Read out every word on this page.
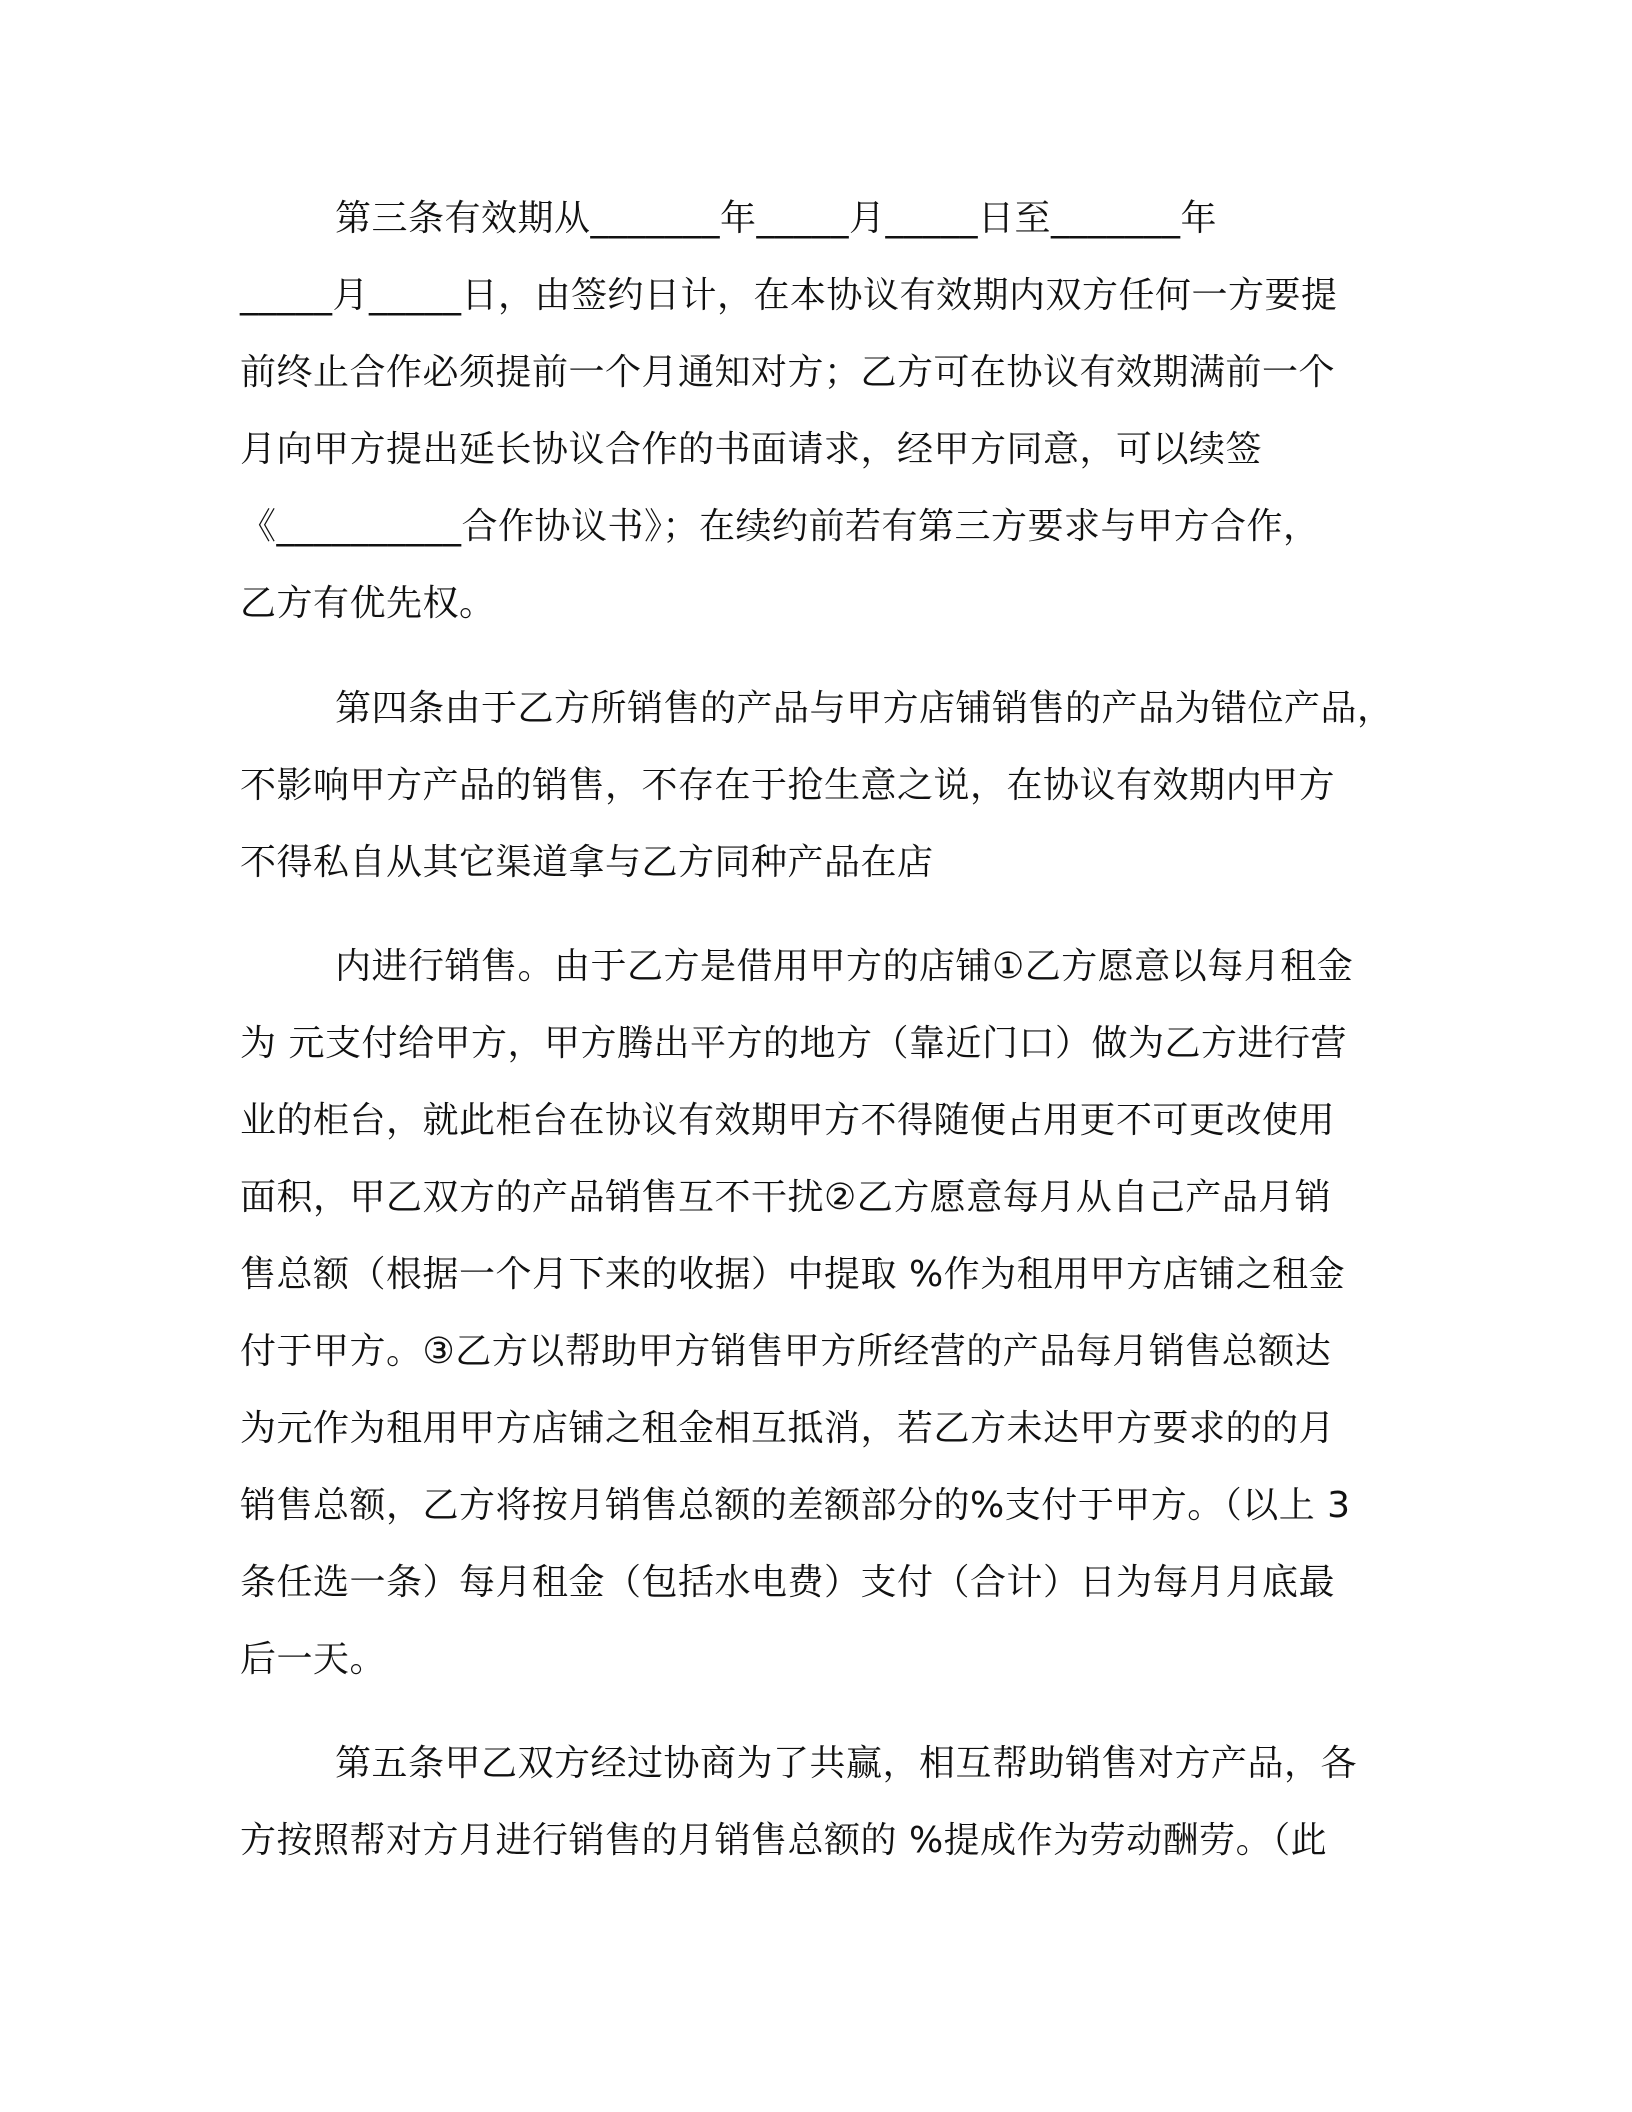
第三条有效期从_______年_____月_____日至_______年
_____月_____日，由签约日计，在本协议有效期内双方任何一方要提
前终止合作必须提前一个月通知对方；乙方可在协议有效期满前一个
月向甲方提出延长协议合作的书面请求，经甲方同意，可以续签
《__________合作协议书》；在续约前若有第三方要求与甲方合作，
乙方有优先权。
第四条由于乙方所销售的产品与甲方店铺销售的产品为错位产品，
不影响甲方产品的销售，不存在于抢生意之说，在协议有效期内甲方
不得私自从其它渠道拿与乙方同种产品在店
内进行销售。由于乙方是借用甲方的店铺①乙方愿意以每月租金
为 元支付给甲方，甲方腾出平方的地方（靠近门口）做为乙方进行营
业的柜台，就此柜台在协议有效期甲方不得随便占用更不可更改使用
面积，甲乙双方的产品销售互不干扰②乙方愿意每月从自己产品月销
售总额（根据一个月下来的收据）中提取 %作为租用甲方店铺之租金
付于甲方。③乙方以帮助甲方销售甲方所经营的产品每月销售总额达
为元作为租用甲方店铺之租金相互抵消，若乙方未达甲方要求的的月
销售总额，乙方将按月销售总额的差额部分的%支付于甲方。（以上 3
条任选一条）每月租金（包括水电费）支付（合计）日为每月月底最
后一天。
第五条甲乙双方经过协商为了共赢，相互帮助销售对方产品，各
方按照帮对方月进行销售的月销售总额的 %提成作为劳动酬劳。（此
